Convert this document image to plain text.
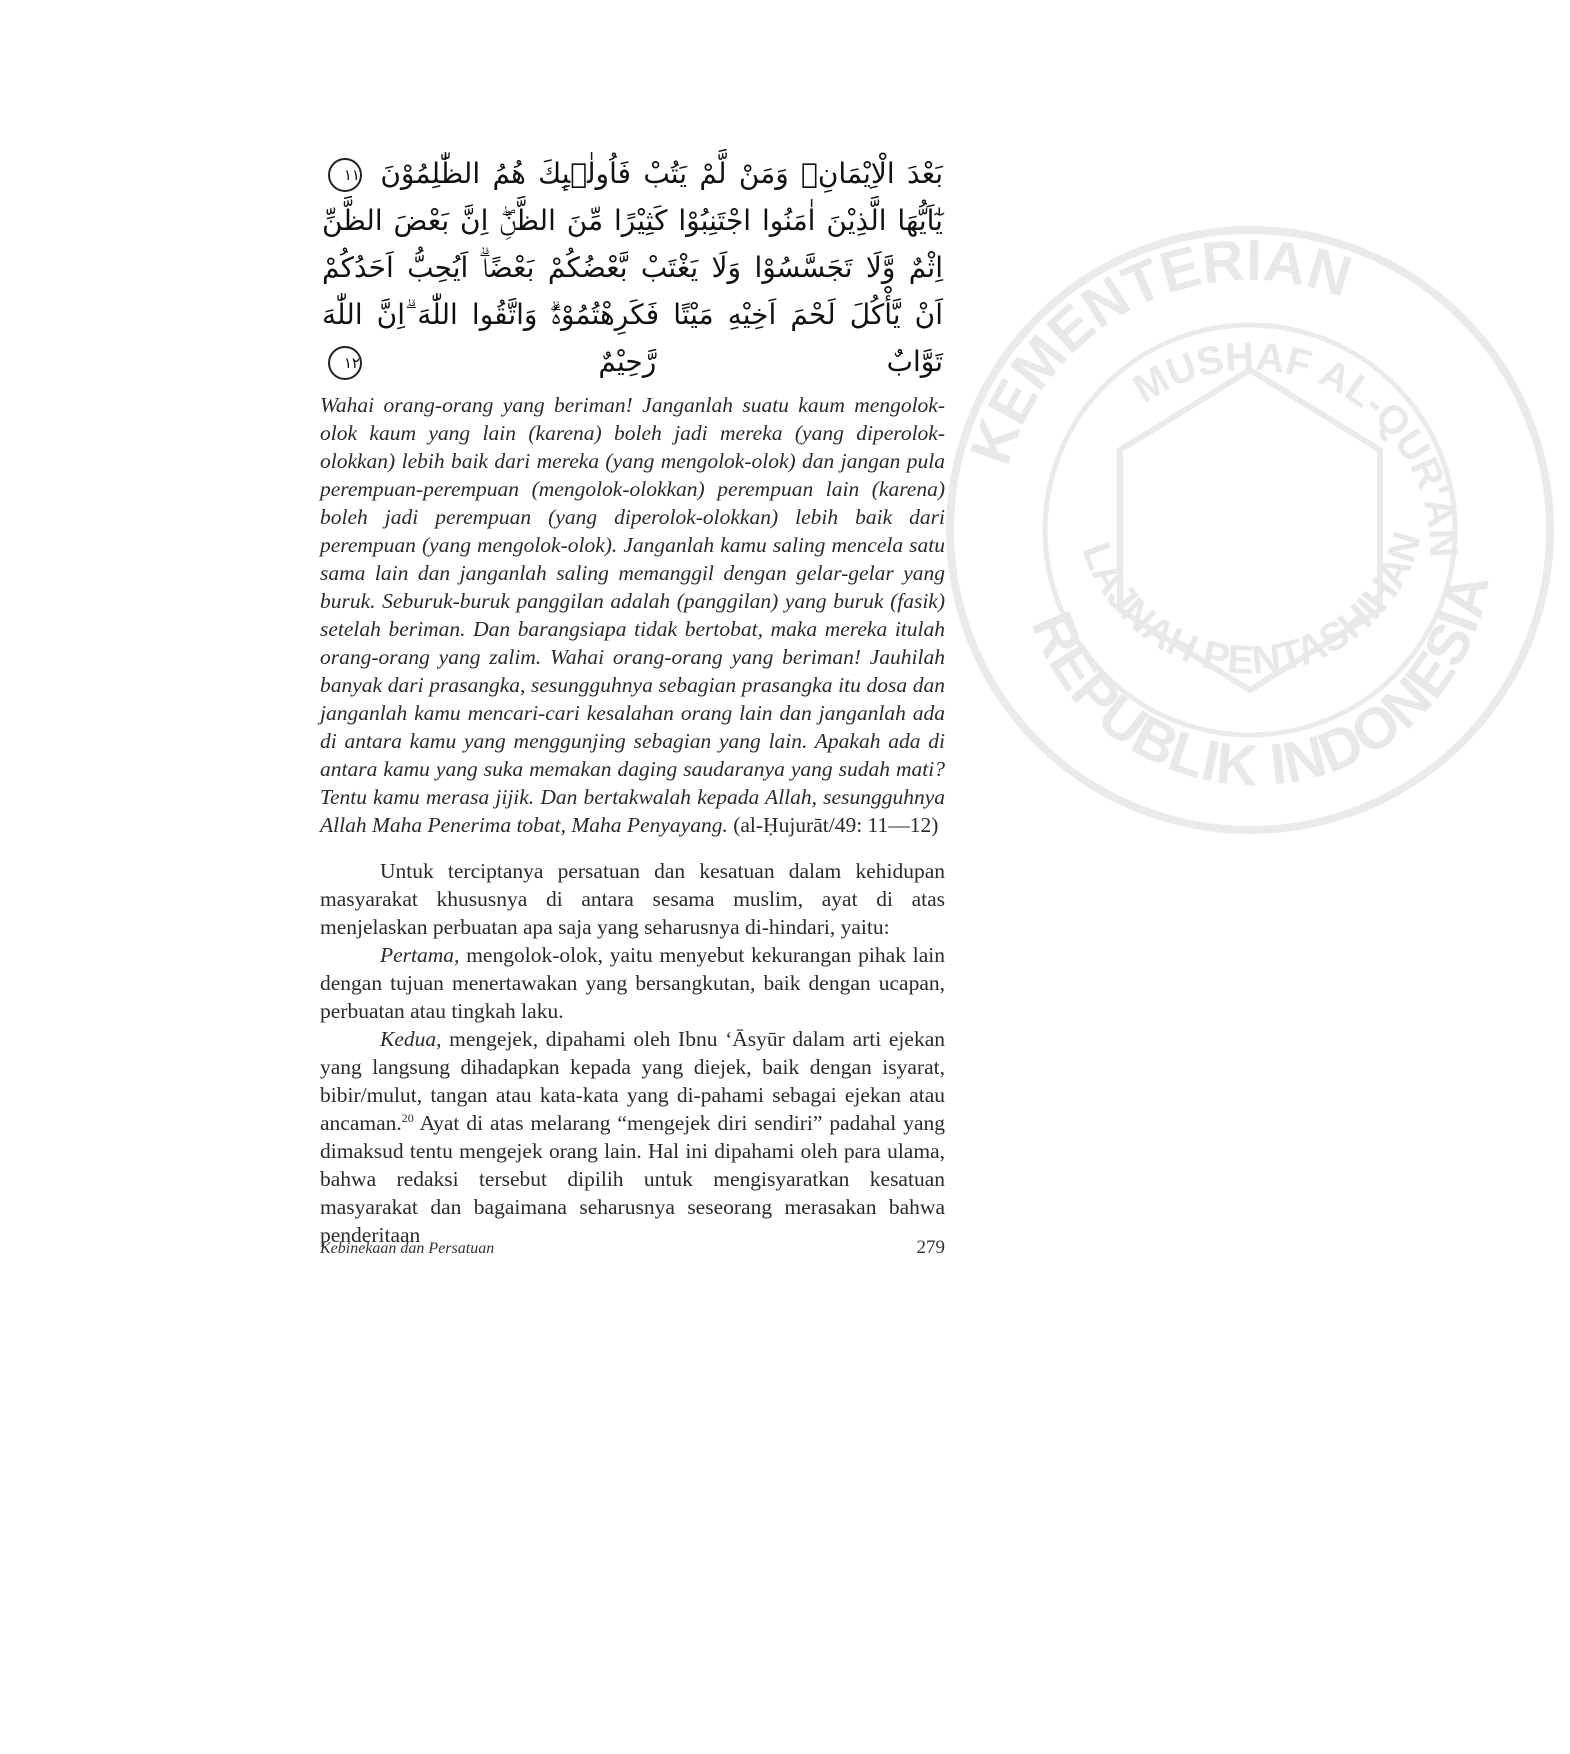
KEMENTERIAN
LAJNAH PENTASHIHAN
MUSHAF AL-QUR'AN
REPUBLIK INDONESIA
بَعْدَ الْاِيْمَانِۚ وَمَنْ لَّمْ يَتُبْ فَاُولٰۤىِٕكَ هُمُ الظّٰلِمُوْنَ ١١ يٰٓاَيُّهَا الَّذِيْنَ اٰمَنُوا اجْتَنِبُوْا كَثِيْرًا مِّنَ الظَّنِّۖ اِنَّ بَعْضَ الظَّنِّ اِثْمٌ وَّلَا تَجَسَّسُوْا وَلَا يَغْتَبْ بَّعْضُكُمْ بَعْضًاۗ اَيُحِبُّ اَحَدُكُمْ اَنْ يَّأْكُلَ لَحْمَ اَخِيْهِ مَيْتًا فَكَرِهْتُمُوْهُۗ وَاتَّقُوا اللّٰهَ ۗاِنَّ اللّٰهَ تَوَّابٌ رَّحِيْمٌ ١٢

Wahai orang-orang yang beriman! Janganlah suatu kaum mengolok-olok kaum yang lain (karena) boleh jadi mereka (yang diperolok-olokkan) lebih baik dari mereka (yang mengolok-olok) dan jangan pula perempuan-perempuan (mengolok-olokkan) perempuan lain (karena) boleh jadi perempuan (yang diperolok-olokkan) lebih baik dari perempuan (yang mengolok-olok). Janganlah kamu saling mencela satu sama lain dan janganlah saling memanggil dengan gelar-gelar yang buruk. Seburuk-buruk panggilan adalah (panggilan) yang buruk (fasik) setelah beriman. Dan barangsiapa tidak bertobat, maka mereka itulah orang-orang yang zalim. Wahai orang-orang yang beriman! Jauhilah banyak dari prasangka, sesungguhnya sebagian prasangka itu dosa dan janganlah kamu mencari-cari kesalahan orang lain dan janganlah ada di antara kamu yang menggunjing sebagian yang lain. Apakah ada di antara kamu yang suka memakan daging saudaranya yang sudah mati? Tentu kamu merasa jijik. Dan bertakwalah kepada Allah, sesungguhnya Allah Maha Penerima tobat, Maha Penyayang. (al-Ḥujurāt/49: 11—12)

Untuk terciptanya persatuan dan kesatuan dalam kehidupan masyarakat khususnya di antara sesama muslim, ayat di atas menjelaskan perbuatan apa saja yang seharusnya di-hindari, yaitu:

Pertama, mengolok-olok, yaitu menyebut kekurangan pihak lain dengan tujuan menertawakan yang bersangkutan, baik dengan ucapan, perbuatan atau tingkah laku.

Kedua, mengejek, dipahami oleh Ibnu ‘Āsyūr dalam arti ejekan yang langsung dihadapkan kepada yang diejek, baik dengan isyarat, bibir/mulut, tangan atau kata-kata yang di-pahami sebagai ejekan atau ancaman.$^{20}$ Ayat di atas melarang “mengejek diri sendiri” padahal yang dimaksud tentu mengejek orang lain. Hal ini dipahami oleh para ulama, bahwa redaksi tersebut dipilih untuk mengisyaratkan kesatuan masyarakat dan bagaimana seharusnya seseorang merasakan bahwa penderitaan

Kebinekaan dan Persatuan	279
